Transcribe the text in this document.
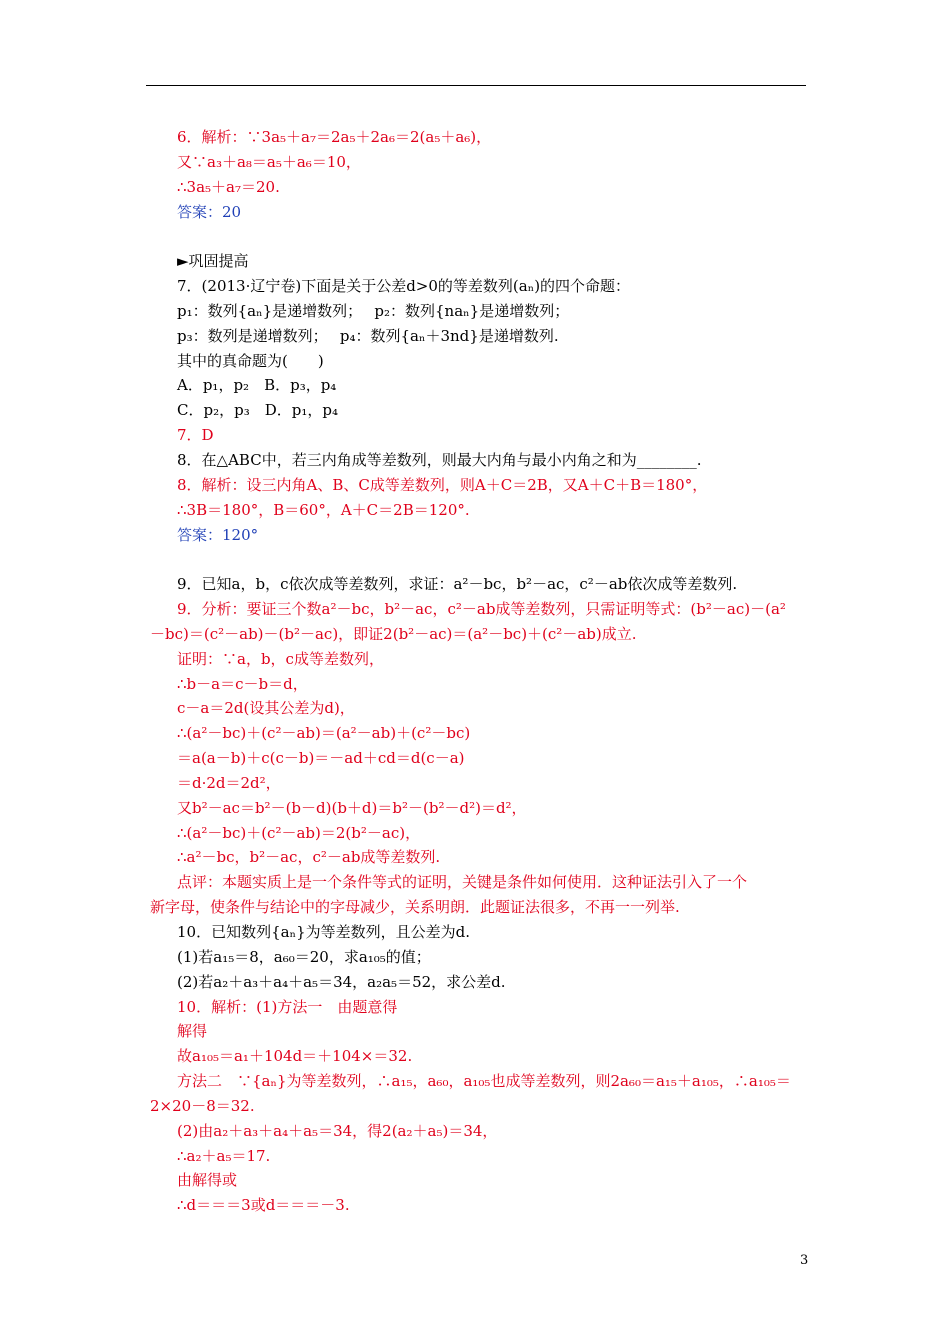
6．解析：∵3a₅＋a₇＝2a₅＋2a₆＝2(a₅＋a₆)，
又∵a₃＋a₈＝a₅＋a₆＝10，
∴3a₅＋a₇＝20.
答案：20
►巩固提高
7．(2013·辽宁卷)下面是关于公差d>0的等差数列(aₙ)的四个命题：
p₁：数列{aₙ}是递增数列；　 p₂：数列{naₙ}是递增数列；
p₃：数列是递增数列；　 p₄：数列{aₙ＋3nd}是递增数列.
其中的真命题为(　　)
A．p₁，p₂　B．p₃，p₄
C．p₂，p₃　D．p₁，p₄
7．D
8．在△ABC中，若三内角成等差数列，则最大内角与最小内角之和为________.
8．解析：设三内角A、B、C成等差数列，则A＋C＝2B，又A＋C＋B＝180°，
∴3B＝180°，B＝60°，A＋C＝2B＝120°.
答案：120°
9．已知a，b，c依次成等差数列，求证：a²－bc，b²－ac，c²－ab依次成等差数列.
9．分析：要证三个数a²－bc，b²－ac，c²－ab成等差数列，只需证明等式：(b²－ac)－(a²
－bc)＝(c²－ab)－(b²－ac)，即证2(b²－ac)＝(a²－bc)＋(c²－ab)成立.
证明：∵a，b，c成等差数列，
∴b－a＝c－b＝d，
c－a＝2d(设其公差为d)，
∴(a²－bc)＋(c²－ab)＝(a²－ab)＋(c²－bc)
＝a(a－b)＋c(c－b)＝－ad＋cd＝d(c－a)
＝d·2d＝2d²，
又b²－ac＝b²－(b－d)(b＋d)＝b²－(b²－d²)＝d²，
∴(a²－bc)＋(c²－ab)＝2(b²－ac)，
∴a²－bc，b²－ac，c²－ab成等差数列.
点评：本题实质上是一个条件等式的证明，关键是条件如何使用．这种证法引入了一个
新字母，使条件与结论中的字母减少，关系明朗．此题证法很多，不再一一列举.
10．已知数列{aₙ}为等差数列，且公差为d.
(1)若a₁₅＝8，a₆₀＝20，求a₁₀₅的值；
(2)若a₂＋a₃＋a₄＋a₅＝34，a₂a₅＝52，求公差d.
10．解析：(1)方法一　由题意得
解得
故a₁₀₅＝a₁＋104d＝＋104×＝32.
方法二　∵{aₙ}为等差数列，∴a₁₅，a₆₀，a₁₀₅也成等差数列，则2a₆₀＝a₁₅＋a₁₀₅，∴a₁₀₅＝
2×20－8＝32.
(2)由a₂＋a₃＋a₄＋a₅＝34，得2(a₂＋a₅)＝34，
∴a₂＋a₅＝17.
由解得或
∴d＝＝＝3或d＝＝＝－3.
3
